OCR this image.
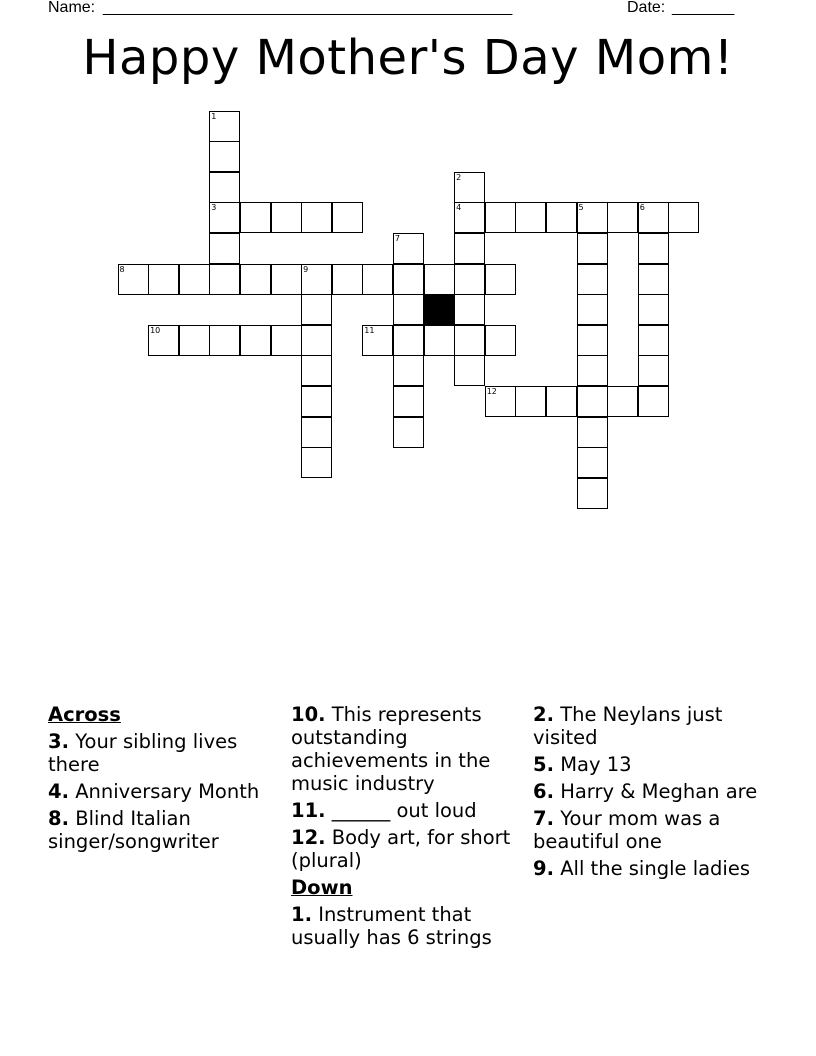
Name: ______________________________________________	Date: _______
Happy Mother's Day Mom!
3	4	5	6
8	9
10	11
12
1
2
7
Across
3. Your sibling lives there
4. Anniversary Month
8. Blind Italian singer/songwriter
10. This represents outstanding achievements in the music industry
11. ______ out loud
12. Body art, for short (plural)
Down
1. Instrument that usually has 6 strings
2. The Neylans just visited
5. May 13
6. Harry & Meghan are
7. Your mom was a beautiful one
9. All the single ladies
